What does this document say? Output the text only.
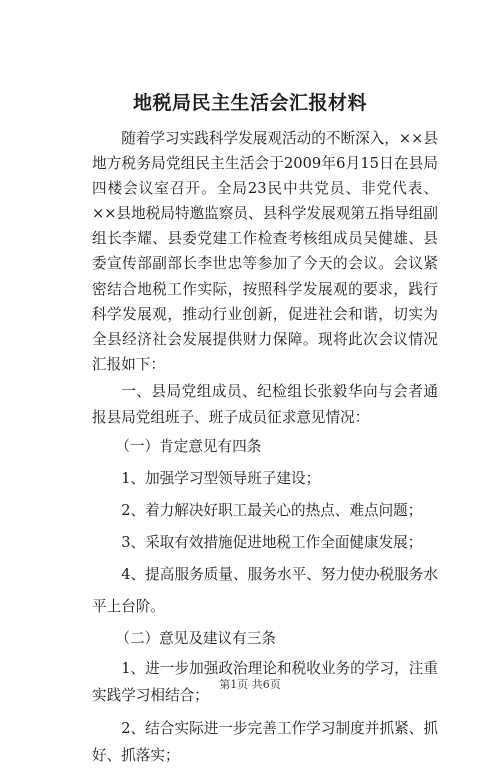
地税局民主生活会汇报材料

随着学习实践科学发展观活动的不断深入，××县地方税务局党组民主生活会于2009年6月15日在县局四楼会议室召开。全局23民中共党员、非党代表、××县地税局特邀监察员、县科学发展观第五指导组副组长李耀、县委党建工作检查考核组成员吴健雄、县委宣传部副部长李世忠等参加了今天的会议。会议紧密结合地税工作实际，按照科学发展观的要求，践行科学发展观，推动行业创新，促进社会和谐，切实为全县经济社会发展提供财力保障。现将此次会议情况汇报如下：

一、县局党组成员、纪检组长张毅华向与会者通报县局党组班子、班子成员征求意见情况：

（一）肯定意见有四条

1、加强学习型领导班子建设；

2、着力解决好职工最关心的热点、难点问题；

3、采取有效措施促进地税工作全面健康发展；

4、提高服务质量、服务水平、努力使办税服务水平上台阶。

（二）意见及建议有三条

1、进一步加强政治理论和税收业务的学习，注重实践学习相结合；

2、结合实际进一步完善工作学习制度并抓紧、抓好、抓落实；

第1页 共6页
